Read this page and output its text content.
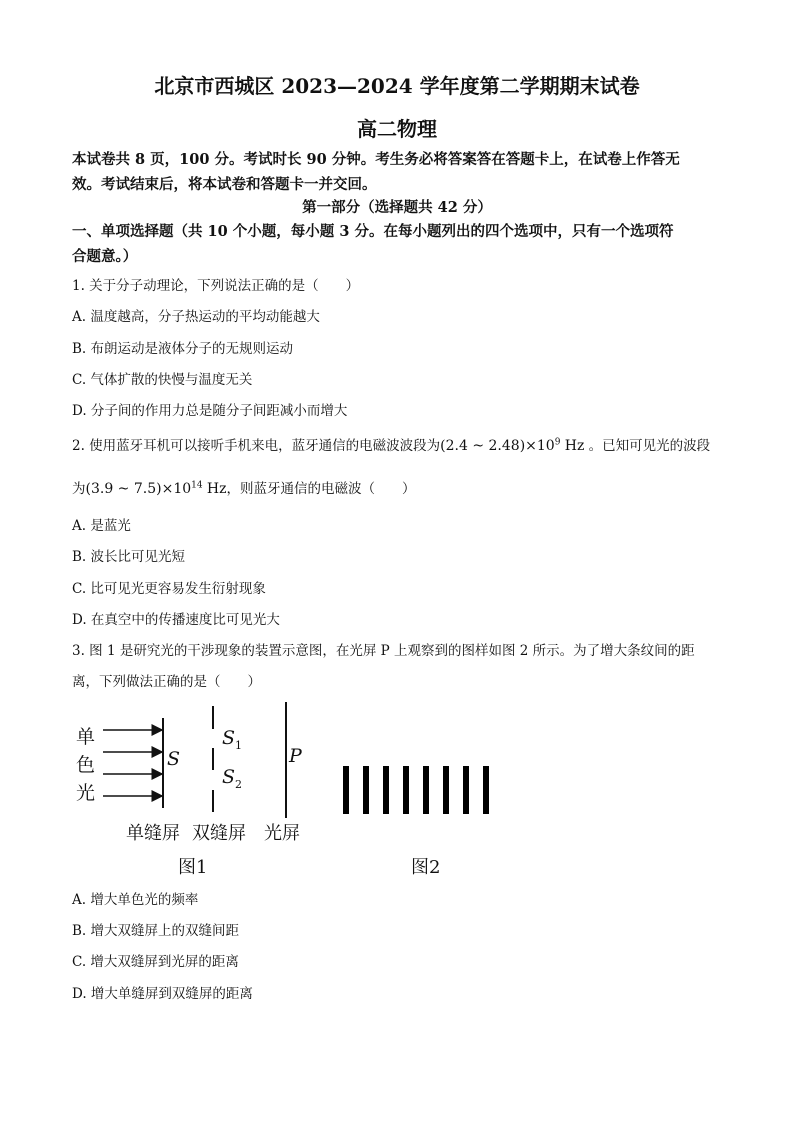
北京市西城区 2023—2024 学年度第二学期期末试卷
高二物理
本试卷共 8 页，100 分。考试时长 90 分钟。考生务必将答案答在答题卡上，在试卷上作答无
效。考试结束后，将本试卷和答题卡一并交回。
第一部分（选择题共 42 分）
一、单项选择题（共 10 个小题，每小题 3 分。在每小题列出的四个选项中，只有一个选项符
合题意。）
1. 关于分子动理论，下列说法正确的是（　　）
A. 温度越高，分子热运动的平均动能越大
B. 布朗运动是液体分子的无规则运动
C. 气体扩散的快慢与温度无关
D. 分子间的作用力总是随分子间距减小而增大
2. 使用蓝牙耳机可以接听手机来电，蓝牙通信的电磁波波段为(2.4 ~ $2.48)\times 10^9$ Hz 。已知可见光的波段
为(3.9 ~ $7.5)\times 10^{14}$ Hz，则蓝牙通信的电磁波（　　）
A. 是蓝光
B. 波长比可见光短
C. 比可见光更容易发生衍射现象
D. 在真空中的传播速度比可见光大
3. 图 1 是研究光的干涉现象的装置示意图，在光屏 P 上观察到的图样如图 2 所示。为了增大条纹间的距
离，下列做法正确的是（　　）
单
色
光
S
$S_1$
$S_2$
P
单缝屏 双缝屏 光屏
图1	图2
A. 增大单色光的频率
B. 增大双缝屏上的双缝间距
C. 增大双缝屏到光屏的距离
D. 增大单缝屏到双缝屏的距离
